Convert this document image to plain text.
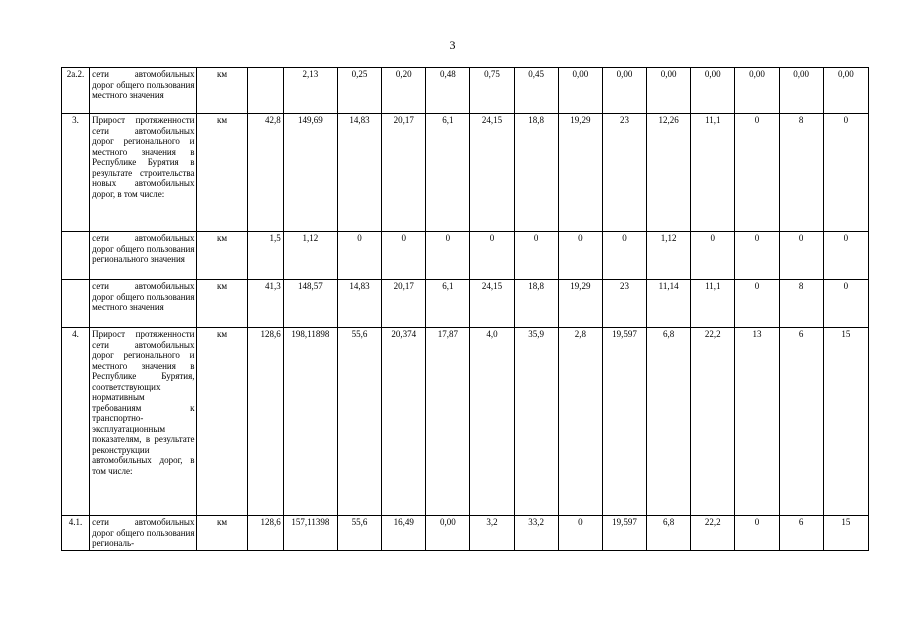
3
2а.2.	сети автомобильных дорог общего пользования местного значения	км		2,13	0,25	0,20	0,48	0,75	0,45	0,00	0,00	0,00	0,00	0,00	0,00	0,00
3.	Прирост протяженности сети автомобильных дорог регионального и местного значения в Республике Бурятия в результате строительства новых автомобильных дорог, в том числе:	км	42,8	149,69	14,83	20,17	6,1	24,15	18,8	19,29	23	12,26	11,1	0	8	0
	сети автомобильных дорог общего пользования регионального значения	км	1,5	1,12	0	0	0	0	0	0	0	1,12	0	0	0	0
	сети автомобильных дорог общего пользования местного значения	км	41,3	148,57	14,83	20,17	6,1	24,15	18,8	19,29	23	11,14	11,1	0	8	0
4.	Прирост протяженности сети автомобильных дорог регионального и местного значения в Республике Бурятия, соответствующих нормативным требованиям к транспортно-эксплуатационным показателям, в результате реконструкции автомобильных дорог, в том числе:	км	128,6	198,11898	55,6	20,374	17,87	4,0	35,9	2,8	19,597	6,8	22,2	13	6	15
4.1.	сети автомобильных дорог общего пользования региональ-	км	128,6	157,11398	55,6	16,49	0,00	3,2	33,2	0	19,597	6,8	22,2	0	6	15
